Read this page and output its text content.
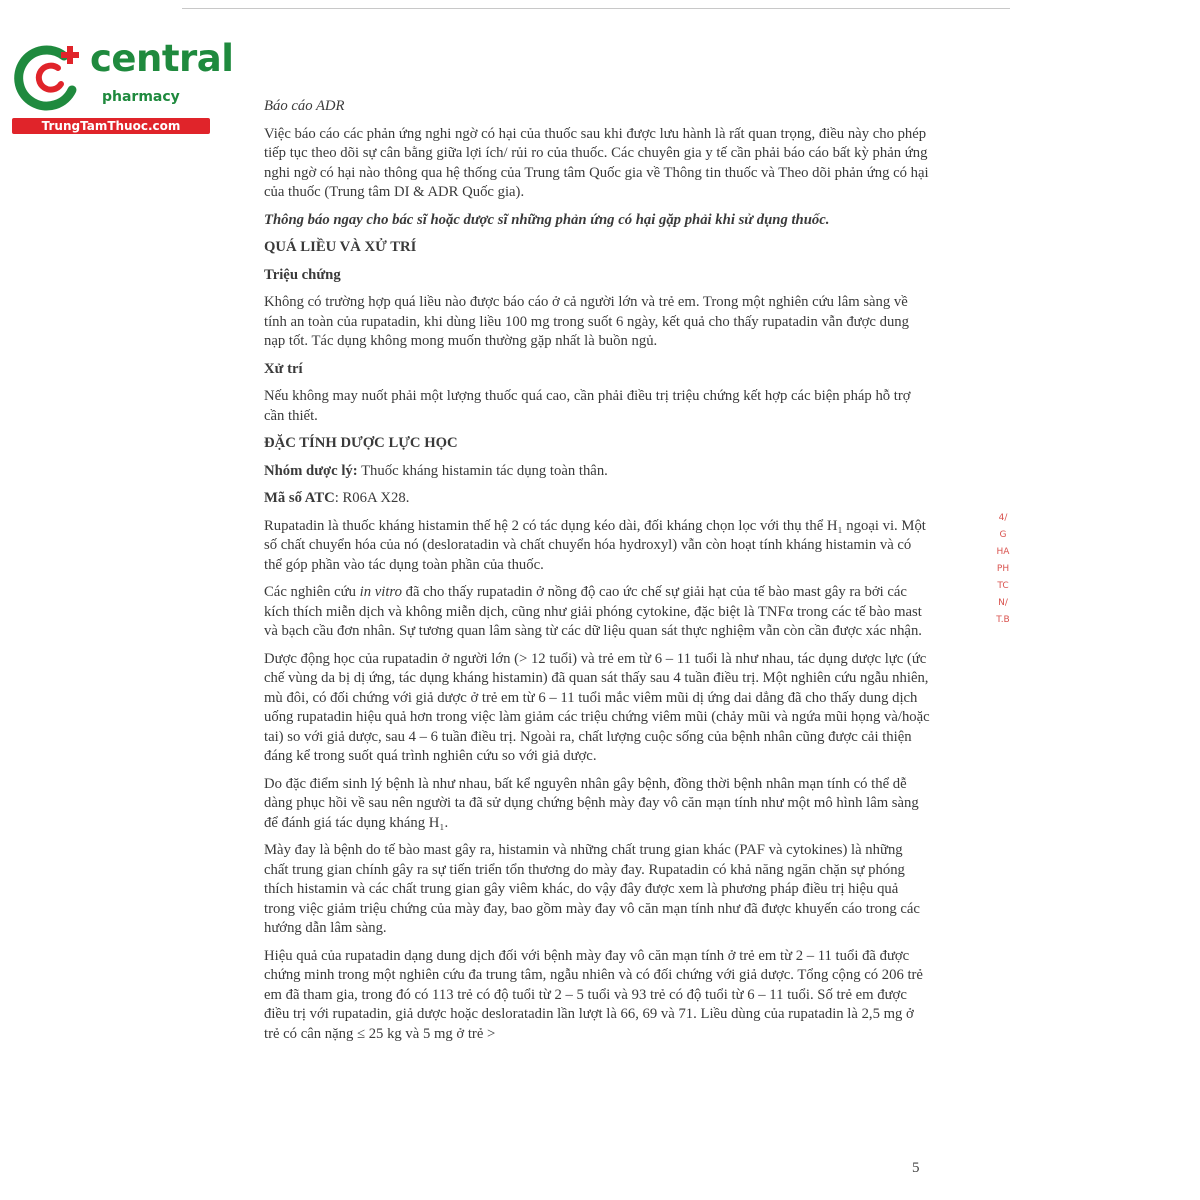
central
pharmacy
TrungTamThuoc.com

Báo cáo ADR

Việc báo cáo các phản ứng nghi ngờ có hại của thuốc sau khi được lưu hành là rất quan trọng, điều này cho phép tiếp tục theo dõi sự cân bằng giữa lợi ích/ rủi ro của thuốc. Các chuyên gia y tế cần phải báo cáo bất kỳ phản ứng nghi ngờ có hại nào thông qua hệ thống của Trung tâm Quốc gia về Thông tin thuốc và Theo dõi phản ứng có hại của thuốc (Trung tâm DI & ADR Quốc gia).

Thông báo ngay cho bác sĩ hoặc dược sĩ những phản ứng có hại gặp phải khi sử dụng thuốc.

QUÁ LIỀU VÀ XỬ TRÍ

Triệu chứng

Không có trường hợp quá liều nào được báo cáo ở cả người lớn và trẻ em. Trong một nghiên cứu lâm sàng về tính an toàn của rupatadin, khi dùng liều 100 mg trong suốt 6 ngày, kết quả cho thấy rupatadin vẫn được dung nạp tốt. Tác dụng không mong muốn thường gặp nhất là buồn ngủ.

Xử trí

Nếu không may nuốt phải một lượng thuốc quá cao, cần phải điều trị triệu chứng kết hợp các biện pháp hỗ trợ cần thiết.

ĐẶC TÍNH DƯỢC LỰC HỌC

Nhóm dược lý: Thuốc kháng histamin tác dụng toàn thân.

Mã số ATC: R06A X28.

Rupatadin là thuốc kháng histamin thế hệ 2 có tác dụng kéo dài, đối kháng chọn lọc với thụ thể H₁ ngoại vi. Một số chất chuyển hóa của nó (desloratadin và chất chuyển hóa hydroxyl) vẫn còn hoạt tính kháng histamin và có thể góp phần vào tác dụng toàn phần của thuốc.

Các nghiên cứu in vitro đã cho thấy rupatadin ở nồng độ cao ức chế sự giải hạt của tế bào mast gây ra bởi các kích thích miễn dịch và không miễn dịch, cũng như giải phóng cytokine, đặc biệt là TNFα trong các tế bào mast và bạch cầu đơn nhân. Sự tương quan lâm sàng từ các dữ liệu quan sát thực nghiệm vẫn còn cần được xác nhận.

Dược động học của rupatadin ở người lớn (> 12 tuổi) và trẻ em từ 6 – 11 tuổi là như nhau, tác dụng dược lực (ức chế vùng da bị dị ứng, tác dụng kháng histamin) đã quan sát thấy sau 4 tuần điều trị. Một nghiên cứu ngẫu nhiên, mù đôi, có đối chứng với giả dược ở trẻ em từ 6 – 11 tuổi mắc viêm mũi dị ứng dai dẳng đã cho thấy dung dịch uống rupatadin hiệu quả hơn trong việc làm giảm các triệu chứng viêm mũi (chảy mũi và ngứa mũi họng và/hoặc tai) so với giả dược, sau 4 – 6 tuần điều trị. Ngoài ra, chất lượng cuộc sống của bệnh nhân cũng được cải thiện đáng kể trong suốt quá trình nghiên cứu so với giả dược.

Do đặc điểm sinh lý bệnh là như nhau, bất kể nguyên nhân gây bệnh, đồng thời bệnh nhân mạn tính có thể dễ dàng phục hồi về sau nên người ta đã sử dụng chứng bệnh mày đay vô căn mạn tính như một mô hình lâm sàng để đánh giá tác dụng kháng H₁.

Mày đay là bệnh do tế bào mast gây ra, histamin và những chất trung gian khác (PAF và cytokines) là những chất trung gian chính gây ra sự tiến triển tổn thương do mày đay. Rupatadin có khả năng ngăn chặn sự phóng thích histamin và các chất trung gian gây viêm khác, do vậy đây được xem là phương pháp điều trị hiệu quả trong việc giảm triệu chứng của mày đay, bao gồm mày đay vô căn mạn tính như đã được khuyến cáo trong các hướng dẫn lâm sàng.

Hiệu quả của rupatadin dạng dung dịch đối với bệnh mày đay vô căn mạn tính ở trẻ em từ 2 – 11 tuổi đã được chứng minh trong một nghiên cứu đa trung tâm, ngẫu nhiên và có đối chứng với giả dược. Tổng cộng có 206 trẻ em đã tham gia, trong đó có 113 trẻ có độ tuổi từ 2 – 5 tuổi và 93 trẻ có độ tuổi từ 6 – 11 tuổi. Số trẻ em được điều trị với rupatadin, giả dược hoặc desloratadin lần lượt là 66, 69 và 71. Liều dùng của rupatadin là 2,5 mg ở trẻ có cân nặng ≤ 25 kg và 5 mg ở trẻ >

4/
G
HA
PH
TC
N/
T.B
5
